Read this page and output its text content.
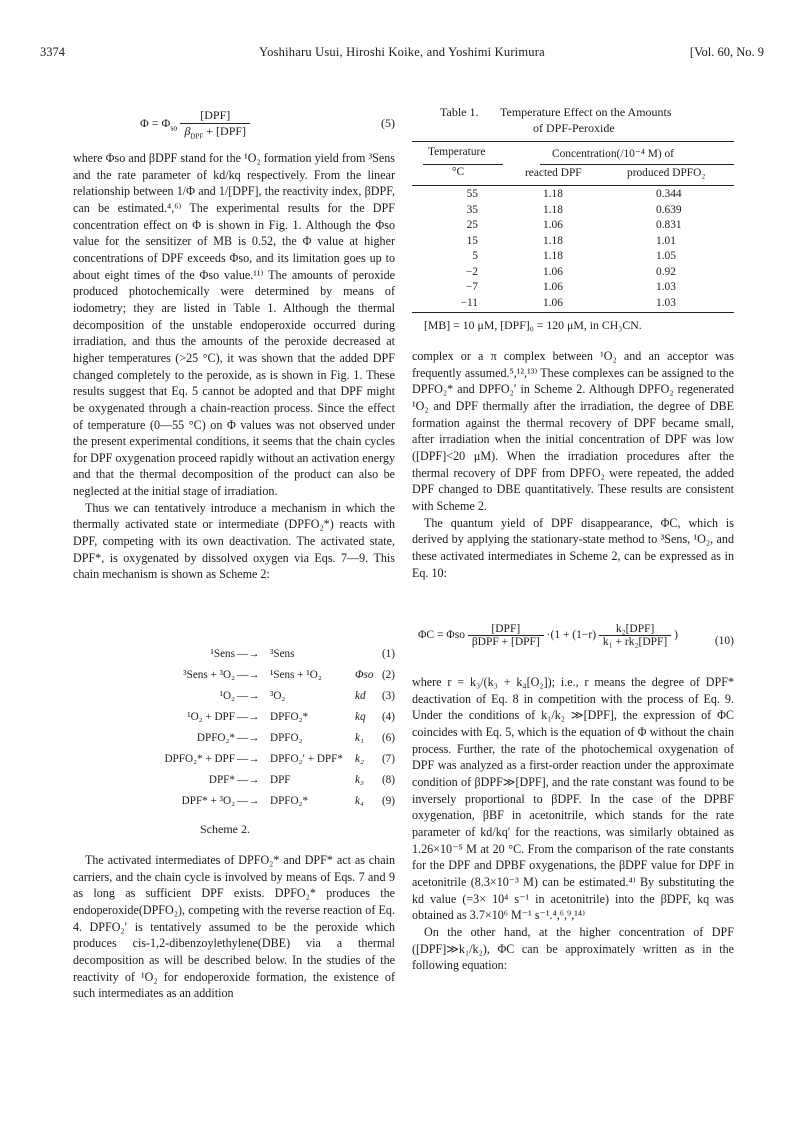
3374	Yoshiharu Usui, Hiroshi Koike, and Yoshimi Kurimura	[Vol. 60, No. 9
$\Phi = \Phi_{so} \frac{\text{[DPF]}}{\beta_{DPF} + [DPF]}$	(5)

where Φso and βDPF stand for the ¹O₂ formation yield from ³Sens and the rate parameter of kd/kq respectively. From the linear relationship between 1/Φ and 1/[DPF], the reactivity index, βDPF, can be estimated.⁴,⁶⁾ The experimental results for the DPF concentration effect on Φ is shown in Fig. 1. Although the Φso value for the sensitizer of MB is 0.52, the Φ value at higher concentrations of DPF exceeds Φso, and its limitation goes up to about eight times of the Φso value.¹¹⁾ The amounts of peroxide produced photochemically were determined by means of iodometry; they are listed in Table 1. Although the thermal decomposition of the unstable endoperoxide occurred during irradiation, and thus the amounts of the peroxide decreased at higher temperatures (>25 °C), it was shown that the added DPF changed completely to the peroxide, as is shown in Fig. 1. These results suggest that Eq. 5 cannot be adopted and that DPF might be oxygenated through a chain-reaction process. Since the effect of temperature (0—55 °C) on Φ values was not observed under the present experimental conditions, it seems that the chain cycles for DPF oxygenation proceed rapidly without an activation energy and that the thermal decomposition of the product can also be neglected at the initial stage of irradiation.

Thus we can tentatively introduce a mechanism in which the thermally activated state or intermediate (DPFO₂*) reacts with DPF, competing with its own deactivation. The activated state, DPF*, is oxygenated by dissolved oxygen via Eqs. 7—9. This chain mechanism is shown as Scheme 2:

¹Sens —→ ³Sens	(1)
³Sens + ³O₂ —→ ¹Sens + ¹O₂	Φso (2)
¹O₂ —→ ³O₂	kd (3)
¹O₂ + DPF —→ DPFO₂*	kq (4)
DPFO₂* —→ DPFO₂	k₁ (6)
DPFO₂* + DPF —→ DPFO₂′ + DPF* k₂ (7)
DPF* —→ DPF	k₃ (8)
DPF* + ³O₂ —→ DPFO₂*	k₄ (9)
Scheme 2.

The activated intermediates of DPFO₂* and DPF* act as chain carriers, and the chain cycle is involved by means of Eqs. 7 and 9 as long as sufficient DPF exists. DPFO₂* produces the endoperoxide(DPFO₂), competing with the reverse reaction of Eq. 4. DPFO₂′ is tentatively assumed to be the peroxide which produces cis-1,2-dibenzoylethylene(DBE) via a thermal decomposition as will be described below. In the studies of the reactivity of ¹O₂ for endoperoxide formation, the existence of such intermediates as an addition

Table 1. Temperature Effect on the Amounts
of DPF-Peroxide
Temperature
°C
Concentration(/10⁻⁴ M) of
reacted DPF	produced DPFO₂
55	1.18	0.344
35	1.18	0.639
25	1.06	0.831
15	1.18	1.01
5	1.18	1.05
−2	1.06	0.92
−7	1.06	1.03
−11	1.06	1.03
[MB] = 10 μM, [DPF]₀ = 120 μM, in CH₃CN.

complex or a π complex between ¹O₂ and an acceptor was frequently assumed.⁵,¹²,¹³⁾ These complexes can be assigned to the DPFO₂* and DPFO₂′ in Scheme 2. Although DPFO₂ regenerated ¹O₂ and DPF thermally after the irradiation, the degree of DBE formation against the thermal recovery of DPF became small, after irradiation when the initial concentration of DPF was low ([DPF]<20 μM). When the irradiation procedures after the thermal recovery of DPF from DPFO₂ were repeated, the added DPF changed to DBE quantitatively. These results are consistent with Scheme 2.

The quantum yield of DPF disappearance, ΦC, which is derived by applying the stationary-state method to ³Sens, ¹O₂, and these activated intermediates in Scheme 2, can be expressed as in Eq. 10:

ΦC = Φso $\frac{\text{[DPF]}}{\text{βDPF + [DPF]}} \cdot(1 + (1-r) \frac{\text{k₂[DPF]}}{\text{k₁ + rk₂[DPF]}}$ )	(10)

where r = k₃/(k₃ + k₄[O₂]); i.e., r means the degree of DPF* deactivation of Eq. 8 in competition with the process of Eq. 9. Under the conditions of k₁/k₂ ≫[DPF], the expression of ΦC coincides with Eq. 5, which is the equation of Φ without the chain process. Further, the rate of the photochemical oxygenation of DPF was analyzed as a first-order reaction under the approximate condition of βDPF≫[DPF], and the rate constant was found to be inversely proportional to βDPF. In the case of the DPBF oxygenation, βBF in acetonitrile, which stands for the rate parameter of kd/kq′ for the reactions, was similarly obtained as 1.26×10⁻⁵ M at 20 °C. From the comparison of the rate constants for the DPF and DPBF oxygenations, the βDPF value for DPF in acetonitrile (8.3×10⁻³ M) can be estimated.⁴⁾ By substituting the kd value (=3× 10⁴ s⁻¹ in acetonitrile) into the βDPF, kq was obtained as 3.7×10⁶ M⁻¹ s⁻¹.⁴,⁶,⁹,¹⁴⁾

On the other hand, at the higher concentration of DPF ([DPF]≫k₁/k₂), ΦC can be approximately written as in the following equation:
